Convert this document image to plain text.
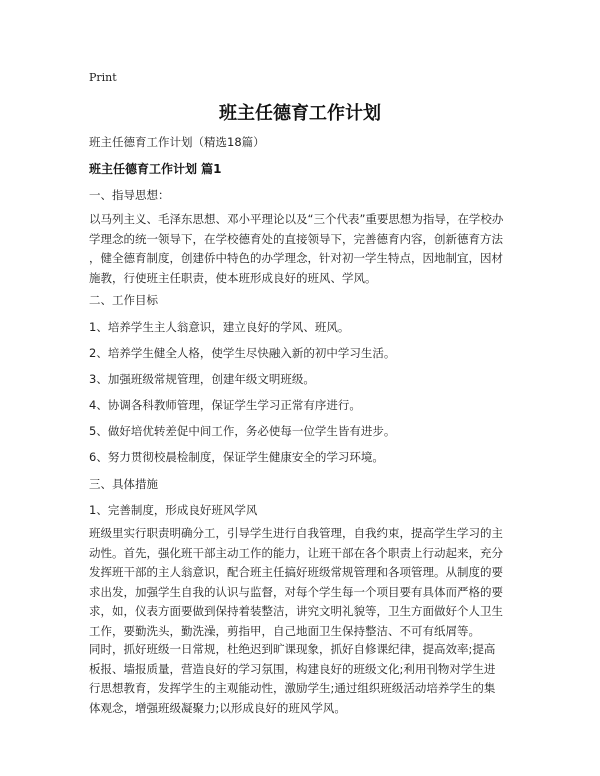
Print
班主任德育工作计划
班主任德育工作计划（精选18篇）
班主任德育工作计划 篇1
一、指导思想：
以马列主义、毛泽东思想、邓小平理论以及“三个代表”重要思想为指导，在学校办
学理念的统一领导下，在学校德育处的直接领导下，完善德育内容，创新德育方法
，健全德育制度，创建侨中特色的办学理念，针对初一学生特点，因地制宜，因材
施教，行使班主任职责，使本班形成良好的班风、学风。
二、工作目标
1、培养学生主人翁意识，建立良好的学风、班风。
2、培养学生健全人格，使学生尽快融入新的初中学习生活。
3、加强班级常规管理，创建年级文明班级。
4、协调各科教师管理，保证学生学习正常有序进行。
5、做好培优转差促中间工作，务必使每一位学生皆有进步。
6、努力贯彻校晨检制度，保证学生健康安全的学习环境。
三、具体措施
1、完善制度，形成良好班风学风
班级里实行职责明确分工，引导学生进行自我管理，自我约束，提高学生学习的主
动性。首先，强化班干部主动工作的能力，让班干部在各个职责上行动起来，充分
发挥班干部的主人翁意识，配合班主任搞好班级常规管理和各项管理。从制度的要
求出发，加强学生自我的认识与监督，对每个学生每一个项目要有具体而严格的要
求，如，仪表方面要做到保持着装整洁，讲究文明礼貌等，卫生方面做好个人卫生
工作，要勤洗头，勤洗澡，剪指甲，自己地面卫生保持整洁、不可有纸屑等。
同时，抓好班级一日常规，杜绝迟到旷课现象，抓好自修课纪律，提高效率;提高
板报、墙报质量，营造良好的学习氛围，构建良好的班级文化;利用刊物对学生进
行思想教育，发挥学生的主观能动性，激励学生;通过组织班级活动培养学生的集
体观念，增强班级凝聚力;以形成良好的班风学风。
